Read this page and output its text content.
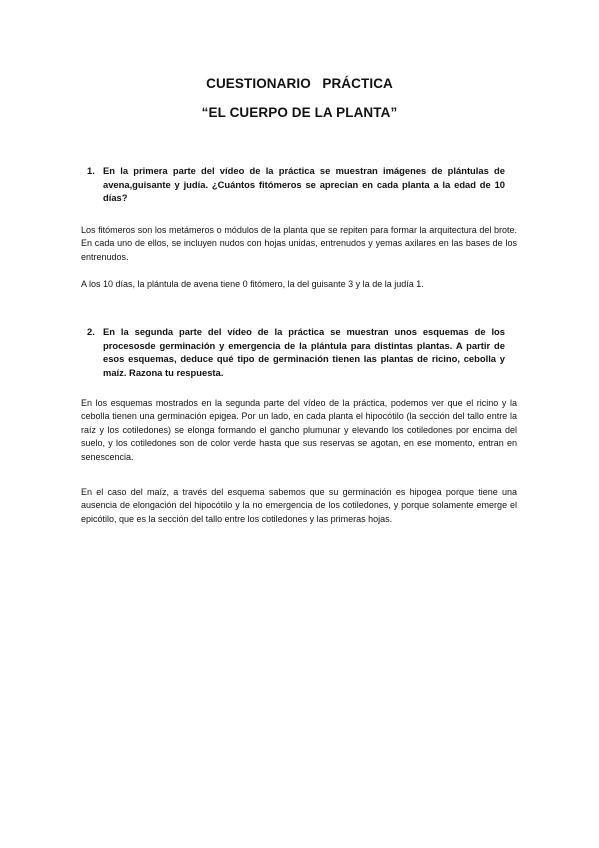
CUESTIONARIO   PRÁCTICA
“EL CUERPO DE LA PLANTA”
1. En la primera parte del vídeo de la práctica se muestran imágenes de plántulas de avena,guisante y judía. ¿Cuántos fitómeros se aprecian en cada planta a la edad de 10 días?
Los fitómeros son los metámeros o módulos de la planta que se repiten para formar la arquitectura del brote. En cada uno de ellos, se incluyen nudos con hojas unidas, entrenudos y yemas axilares en las bases de los entrenudos.
A los 10 días, la plántula de avena tiene 0 fitómero, la del guisante 3 y la de la judía 1.
2. En la segunda parte del vídeo de la práctica se muestran unos esquemas de los procesosde germinación y emergencia de la plántula para distintas plantas. A partir de esos esquemas, deduce qué tipo de germinación tienen las plantas de ricino, cebolla y maíz. Razona tu respuesta.
En los esquemas mostrados en la segunda parte del vídeo de la práctica, podemos ver que el ricino y la cebolla tienen una germinación epigea. Por un lado, en cada planta el hipocótilo (la sección del tallo entre la raíz y los cotiledones) se elonga formando el gancho plumunar y elevando los cotiledones por encima del suelo, y los cotiledones son de color verde hasta que sus reservas se agotan, en ese momento, entran en senescencia.
En el caso del maíz, a través del esquema sabemos que su germinación es hipogea porque tiene una ausencia de elongación del hipocótilo y la no emergencia de los cotiledones, y porque solamente emerge el epicótilo, que es la sección del tallo entre los cotiledones y las primeras hojas.
